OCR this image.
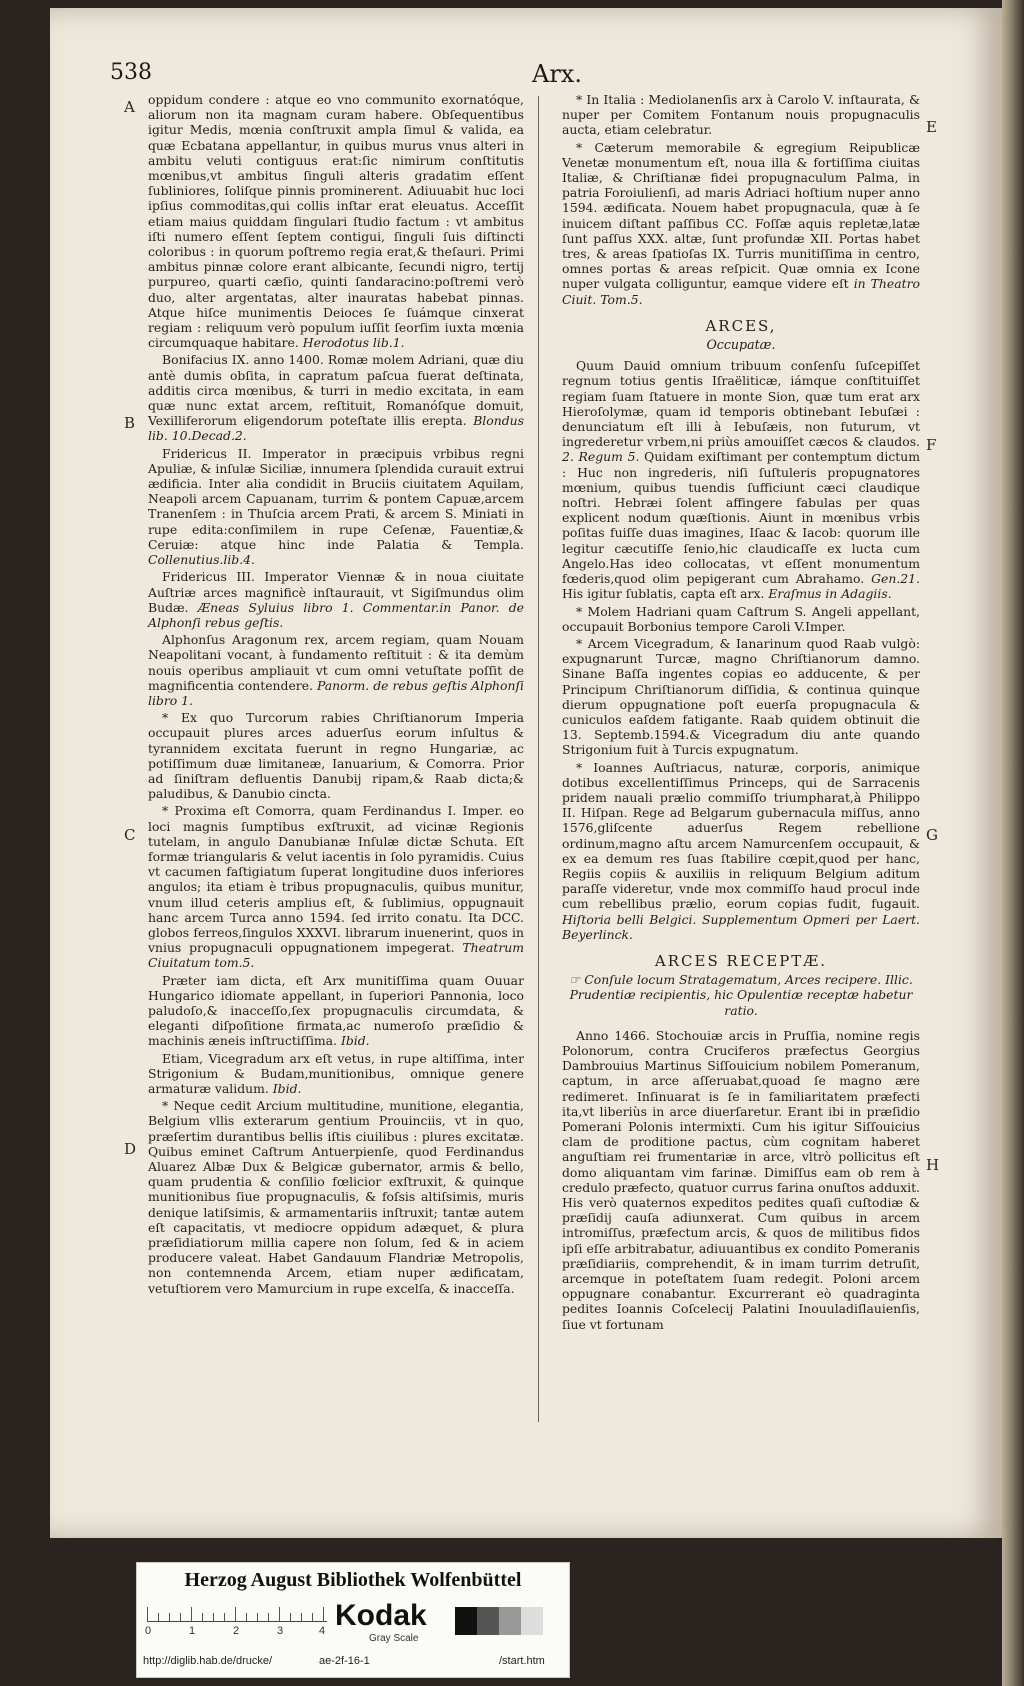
538	Arx.
A
B
C
D
E
F
G
H

oppidum condere : atque eo vno communito exornatóque, aliorum non ita magnam curam habere. Obſequentibus igitur Medis, mœnia conſtruxit ampla ſimul & valida, ea quæ Ecbatana appellantur, in quibus murus vnus alteri in ambitu veluti contiguus erat:ſic nimirum conſtitutis mœnibus,vt ambitus ſinguli alteris gradatim eſſent ſubliniores, ſoliſque pinnis prominerent. Adiuuabit huc loci ipſius commoditas,qui collis inſtar erat eleuatus. Acceſſit etiam maius quiddam ſingulari ſtudio factum : vt ambitus iſti numero eſſent ſeptem contigui, ſinguli ſuis diſtincti coloribus : in quorum poſtremo regia erat,& theſauri. Primi ambitus pinnæ colore erant albicante, ſecundi nigro, tertij purpureo, quarti cæſio, quinti ſandaracino:poſtremi verò duo, alter argentatas, alter inauratas habebat pinnas. Atque hiſce munimentis Deioces ſe ſuámque cinxerat regiam : reliquum verò populum iuſſit ſeorſim iuxta mœnia circumquaque habitare. Herodotus lib.1.

Bonifacius IX. anno 1400. Romæ molem Adriani, quæ diu antè dumis obſita, in capratum paſcua fuerat deſtinata, additis circa mœnibus, & turri in medio excitata, in eam quæ nunc extat arcem, reſtituit, Romanóſque domuit, Vexilliferorum eligendorum poteſtate illis erepta. Blondus lib. 10.Decad.2.

Fridericus II. Imperator in præcipuis vrbibus regni Apuliæ, & inſulæ Siciliæ, innumera ſplendida curauit extrui ædificia. Inter alia condidit in Bruciis ciuitatem Aquilam, Neapoli arcem Capuanam, turrim & pontem Capuæ,arcem Tranenſem : in Thuſcia arcem Prati, & arcem S. Miniati in rupe edita:conſimilem in rupe Ceſenæ, Fauentiæ,& Ceruiæ: atque hinc inde Palatia & Templa. Collenutius.lib.4.

Fridericus III. Imperator Viennæ & in noua ciuitate Auſtriæ arces magnificè inſtaurauit, vt Sigiſmundus olim Budæ. Æneas Syluius libro 1. Commentar.in Panor. de Alphonſi rebus geſtis.

Alphonſus Aragonum rex, arcem regiam, quam Nouam Neapolitani vocant, à fundamento reſtituit : & ita demùm nouis operibus ampliauit vt cum omni vetuſtate poſſit de magnificentia contendere. Panorm. de rebus geſtis Alphonſi libro 1.

* Ex quo Turcorum rabies Chriſtianorum Imperia occupauit plures arces aduerſus eorum inſultus & tyrannidem excitata fuerunt in regno Hungariæ, ac potiſſimum duæ limitaneæ, Ianuarium, & Comorra. Prior ad ſiniſtram defluentis Danubij ripam,& Raab dicta;& paludibus, & Danubio cincta.

* Proxima eſt Comorra, quam Ferdinandus I. Imper. eo loci magnis ſumptibus exſtruxit, ad vicinæ Regionis tutelam, in angulo Danubianæ Inſulæ dictæ Schuta. Eſt formæ triangularis & velut iacentis in ſolo pyramidis. Cuius vt cacumen faſtigiatum ſuperat longitudine duos inferiores angulos; ita etiam è tribus propugnaculis, quibus munitur, vnum illud ceteris amplius eſt, & ſublimius, oppugnauit hanc arcem Turca anno 1594. ſed irrito conatu. Ita DCC. globos ferreos,ſingulos XXXVI. librarum inuenerint, quos in vnius propugnaculi oppugnationem impegerat. Theatrum Ciuitatum tom.5.

Præter iam dicta, eſt Arx munitiſſima quam Ouuar Hungarico idiomate appellant, in ſuperiori Pannonia, loco paludoſo,& inacceſſo,ſex propugnaculis circumdata, & eleganti diſpoſitione firmata,ac numeroſo præſidio & machinis æneis inſtructiſſima. Ibid.

Etiam, Vicegradum arx eſt vetus, in rupe altiſſima, inter Strigonium & Budam,munitionibus, omnique genere armaturæ validum. Ibid.

* Neque cedit Arcium multitudine, munitione, elegantia, Belgium vllis exterarum gentium Prouinciis, vt in quo, præſertim durantibus bellis iſtis ciuilibus : plures excitatæ. Quibus eminet Caſtrum Antuerpienſe, quod Ferdinandus Aluarez Albæ Dux & Belgicæ gubernator, armis & bello, quam prudentia & conſilio fœlicior exſtruxit, & quinque munitionibus ſiue propugnaculis, & foſsis altiſsimis, muris denique latiſsimis, & armamentariis inſtruxit; tantæ autem eſt capacitatis, vt mediocre oppidum adæquet, & plura præſidiatiorum millia capere non ſolum, ſed & in aciem producere valeat. Habet Gandauum Flandriæ Metropolis, non contemnenda Arcem, etiam nuper ædificatam, vetuſtiorem vero Mamurcium in rupe excelſa, & inacceſſa.

* In Italia : Mediolanenſis arx à Carolo V. inſtaurata, & nuper per Comitem Fontanum nouis propugnaculis aucta, etiam celebratur.

* Cæterum memorabile & egregium Reipublicæ Venetæ monumentum eſt, noua illa & fortiſſima ciuitas Italiæ, & Chriſtianæ fidei propugnaculum Palma, in patria Foroiulienſi, ad maris Adriaci hoſtium nuper anno 1594. ædificata. Nouem habet propugnacula, quæ à ſe inuicem diſtant paſſibus CC. Foſſæ aquis repletæ,latæ ſunt paſſus XXX. altæ, ſunt profundæ XII. Portas habet tres, & areas ſpatioſas IX. Turris munitiſſima in centro, omnes portas & areas reſpicit. Quæ omnia ex Icone nuper vulgata colliguntur, eamque videre eſt in Theatro Ciuit. Tom.5.

ARCES,
Occupatæ.

Quum Dauid omnium tribuum conſenſu ſuſcepiſſet regnum totius gentis Iſraëliticæ, iámque conſtituiſſet regiam ſuam ſtatuere in monte Sion, quæ tum erat arx Hieroſolymæ, quam id temporis obtinebant Iebuſæi : denunciatum eſt illi à Iebuſæis, non futurum, vt ingrederetur vrbem,ni priùs amouiſſet cæcos & claudos. 2. Regum 5. Quidam exiſtimant per contemptum dictum : Huc non ingrederis, niſi ſuſtuleris propugnatores mœnium, quibus tuendis ſufficiunt cæci claudique noſtri. Hebræi ſolent affingere fabulas per quas explicent nodum quæſtionis. Aiunt in mœnibus vrbis poſitas fuiſſe duas imagines, Iſaac & Iacob: quorum ille legitur cæcutiſſe ſenio,hic claudicaſſe ex lucta cum Angelo.Has ideo collocatas, vt eſſent monumentum fœderis,quod olim pepigerant cum Abrahamo. Gen.21. His igitur ſublatis, capta eſt arx. Eraſmus in Adagiis.

* Molem Hadriani quam Caſtrum S. Angeli appellant, occupauit Borbonius tempore Caroli V.Imper.

* Arcem Vicegradum, & Ianarinum quod Raab vulgò: expugnarunt Turcæ, magno Chriſtianorum damno. Sinane Baſſa ingentes copias eo adducente, & per Principum Chriſtianorum diſſidia, & continua quinque dierum oppugnatione poſt euerſa propugnacula & cuniculos eaſdem fatigante. Raab quidem obtinuit die 13. Septemb.1594.& Vicegradum diu ante quando Strigonium fuit à Turcis expugnatum.

* Ioannes Auſtriacus, naturæ, corporis, animique dotibus excellentiſſimus Princeps, qui de Sarracenis pridem nauali prælio commiſſo triumpharat,à Philippo II. Hiſpan. Rege ad Belgarum gubernacula miſſus, anno 1576,gliſcente aduerſus Regem rebellione ordinum,magno aſtu arcem Namurcenſem occupauit, & ex ea demum res ſuas ſtabilire cœpit,quod per hanc, Regiis copiis & auxiliis in reliquum Belgium aditum paraſſe videretur, vnde mox commiſſo haud procul inde cum rebellibus prælio, eorum copias fudit, fugauit. Hiſtoria belli Belgici. Supplementum Opmeri per Laert. Beyerlinck.

ARCES RECEPTÆ.
☞ Conſule locum Stratagematum, Arces recipere. Illic. Prudentiæ recipientis, hic Opulentiæ receptæ habetur ratio.

Anno 1466. Stochouiæ arcis in Pruſſia, nomine regis Polonorum, contra Cruciferos præfectus Georgius Dambrouius Martinus Siſſouicium nobilem Pomeranum, captum, in arce aſſeruabat,quoad ſe magno ære redimeret. Inſinuarat is ſe in familiaritatem præfecti ita,vt liberiùs in arce diuerſaretur. Erant ibi in præſidio Pomerani Polonis intermixti. Cum his igitur Siſſouicius clam de proditione pactus, cùm cognitam haberet anguſtiam rei frumentariæ in arce, vltrò pollicitus eſt domo aliquantam vim farinæ. Dimiſſus eam ob rem à credulo præfecto, quatuor currus farina onuſtos adduxit. His verò quaternos expeditos pedites quaſi cuſtodiæ & præſidij cauſa adiunxerat. Cum quibus in arcem intromiſſus, præfectum arcis, & quos de militibus fidos ipſi eſſe arbitrabatur, adiuuantibus ex condito Pomeranis præſidiariis, comprehendit, & in imam turrim detruſit, arcemque in poteſtatem ſuam redegit. Poloni arcem oppugnare conabantur. Excurrerant eò quadraginta pedites Ioannis Coſcelecij Palatini Inouuladiſlauienſis, ſiue vt fortunam

Herzog August Bibliothek Wolfenbüttel
0	1	2	3	4 Kodak
Gray Scale
http://diglib.hab.de/drucke/	ae-2f-16-1	/start.htm
